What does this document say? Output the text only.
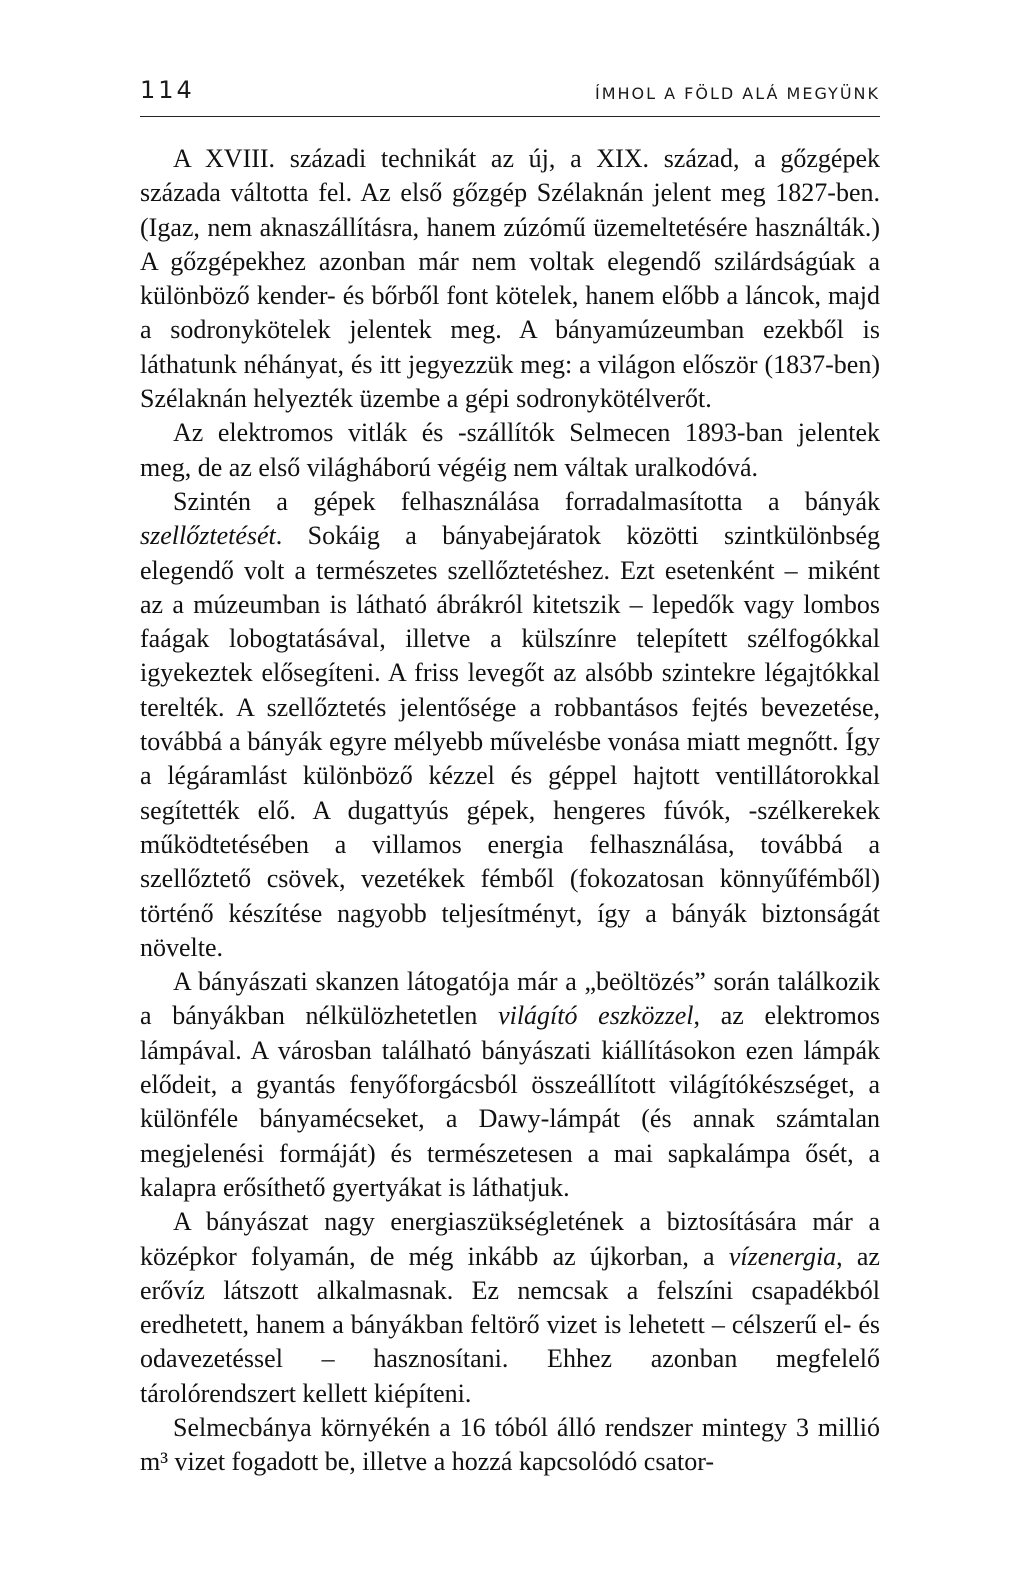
114	ÍMHOL A FÖLD ALÁ MEGYÜNK

A XVIII. századi technikát az új, a XIX. század, a gőzgépek százada váltotta fel. Az első gőzgép Szélaknán jelent meg 1827-ben. (Igaz, nem aknaszállításra, hanem zúzómű üzemeltetésére használták.) A gőzgépekhez azonban már nem voltak elegendő szilárdságúak a különböző kender- és bőrből font kötelek, hanem előbb a láncok, majd a sodronykötelek jelentek meg. A bányamúzeumban ezekből is láthatunk néhányat, és itt jegyezzük meg: a világon először (1837-ben) Szélaknán helyezték üzembe a gépi sodronykötélverőt.

Az elektromos vitlák és -szállítók Selmecen 1893-ban jelentek meg, de az első világháború végéig nem váltak uralkodóvá.

Szintén a gépek felhasználása forradalmasította a bányák szellőztetését. Sokáig a bányabejáratok közötti szintkülönbség elegendő volt a természetes szellőztetéshez. Ezt esetenként – miként az a múzeumban is látható ábrákról kitetszik – lepedők vagy lombos faágak lobogtatásával, illetve a külszínre telepített szélfogókkal igyekeztek elősegíteni. A friss levegőt az alsóbb szintekre légajtókkal terelték. A szellőztetés jelentősége a robbantásos fejtés bevezetése, továbbá a bányák egyre mélyebb művelésbe vonása miatt megnőtt. Így a légáramlást különböző kézzel és géppel hajtott ventillátorokkal segítették elő. A dugattyús gépek, hengeres fúvók, -szélkerekek működtetésében a villamos energia felhasználása, továbbá a szellőztető csövek, vezetékek fémből (fokozatosan könnyűfémből) történő készítése nagyobb teljesítményt, így a bányák biztonságát növelte.

A bányászati skanzen látogatója már a „beöltözés” során találkozik a bányákban nélkülözhetetlen világító eszközzel, az elektromos lámpával. A városban található bányászati kiállításokon ezen lámpák elődeit, a gyantás fenyőforgácsból összeállított világítókészséget, a különféle bányamécseket, a Dawy-lámpát (és annak számtalan megjelenési formáját) és természetesen a mai sapkalámpa ősét, a kalapra erősíthető gyertyákat is láthatjuk.

A bányászat nagy energiaszükségletének a biztosítására már a középkor folyamán, de még inkább az újkorban, a vízenergia, az erővíz látszott alkalmasnak. Ez nemcsak a felszíni csapadékból eredhetett, hanem a bányákban feltörő vizet is lehetett – célszerű el- és odavezetéssel – hasznosítani. Ehhez azonban megfelelő tárolórendszert kellett kiépíteni.

Selmecbánya környékén a 16 tóból álló rendszer mintegy 3 millió m³ vizet fogadott be, illetve a hozzá kapcsolódó csator-
